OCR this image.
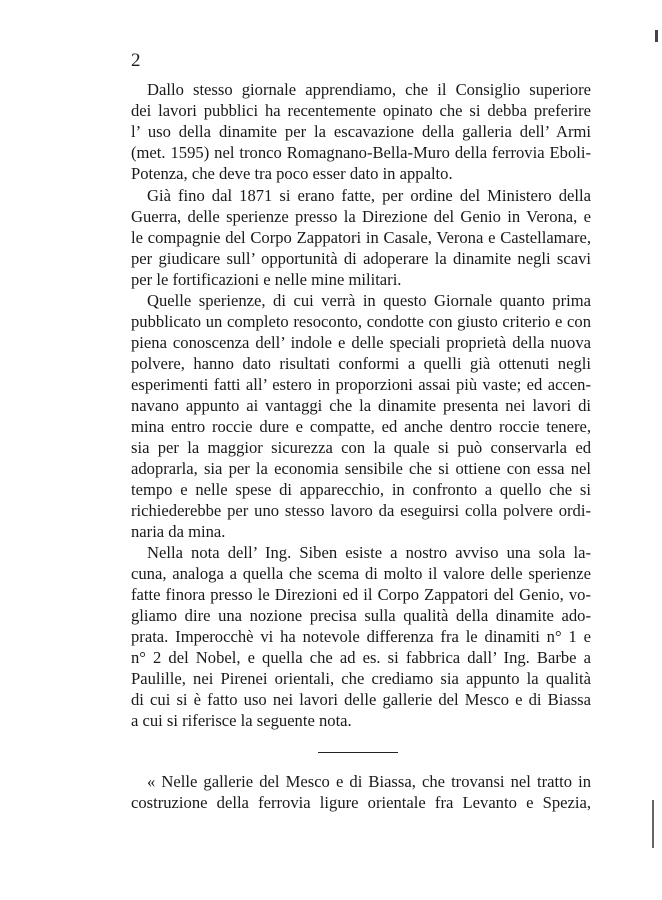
2
Dallo stesso giornale apprendiamo, che il Consiglio superiore
dei lavori pubblici ha recentemente opinato che si debba preferire
l’ uso della dinamite per la escavazione della galleria dell’ Armi
(met. 1595) nel tronco Romagnano-Bella-Muro della ferrovia Eboli-
Potenza, che deve tra poco esser dato in appalto.
Già fino dal 1871 si erano fatte, per ordine del Ministero della
Guerra, delle sperienze presso la Direzione del Genio in Verona, e
le compagnie del Corpo Zappatori in Casale, Verona e Castellamare,
per giudicare sull’ opportunità di adoperare la dinamite negli scavi
per le fortificazioni e nelle mine militari.
Quelle sperienze, di cui verrà in questo Giornale quanto prima
pubblicato un completo resoconto, condotte con giusto criterio e con
piena conoscenza dell’ indole e delle speciali proprietà della nuova
polvere, hanno dato risultati conformi a quelli già ottenuti negli
esperimenti fatti all’ estero in proporzioni assai più vaste; ed accen-
navano appunto ai vantaggi che la dinamite presenta nei lavori di
mina entro roccie dure e compatte, ed anche dentro roccie tenere,
sia per la maggior sicurezza con la quale si può conservarla ed
adoprarla, sia per la economia sensibile che si ottiene con essa nel
tempo e nelle spese di apparecchio, in confronto a quello che si
richiederebbe per uno stesso lavoro da eseguirsi colla polvere ordi-
naria da mina.
Nella nota dell’ Ing. Siben esiste a nostro avviso una sola la-
cuna, analoga a quella che scema di molto il valore delle sperienze
fatte finora presso le Direzioni ed il Corpo Zappatori del Genio, vo-
gliamo dire una nozione precisa sulla qualità della dinamite ado-
prata. Imperocchè vi ha notevole differenza fra le dinamiti n° 1 e
n° 2 del Nobel, e quella che ad es. si fabbrica dall’ Ing. Barbe a
Paulille, nei Pirenei orientali, che crediamo sia appunto la qualità
di cui si è fatto uso nei lavori delle gallerie del Mesco e di Biassa
a cui si riferisce la seguente nota.
« Nelle gallerie del Mesco e di Biassa, che trovansi nel tratto in
costruzione della ferrovia ligure orientale fra Levanto e Spezia,
